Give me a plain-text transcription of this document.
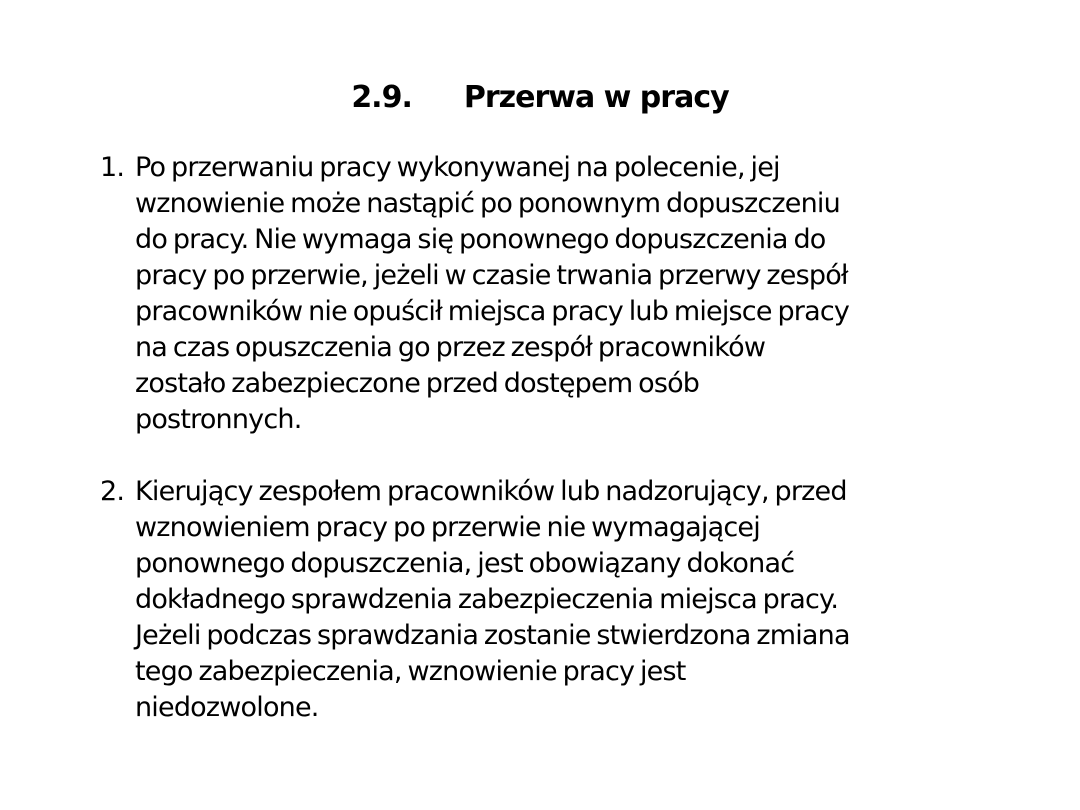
2.9. Przerwa w pracy
1. Po przerwaniu pracy wykonywanej na polecenie, jej
wznowienie może nastąpić po ponownym dopuszczeniu
do pracy. Nie wymaga się ponownego dopuszczenia do
pracy po przerwie, jeżeli w czasie trwania przerwy zespół
pracowników nie opuścił miejsca pracy lub miejsce pracy
na czas opuszczenia go przez zespół pracowników
zostało zabezpieczone przed dostępem osób
postronnych.
2. Kierujący zespołem pracowników lub nadzorujący, przed
wznowieniem pracy po przerwie nie wymagającej
ponownego dopuszczenia, jest obowiązany dokonać
dokładnego sprawdzenia zabezpieczenia miejsca pracy.
Jeżeli podczas sprawdzania zostanie stwierdzona zmiana
tego zabezpieczenia, wznowienie pracy jest
niedozwolone.
